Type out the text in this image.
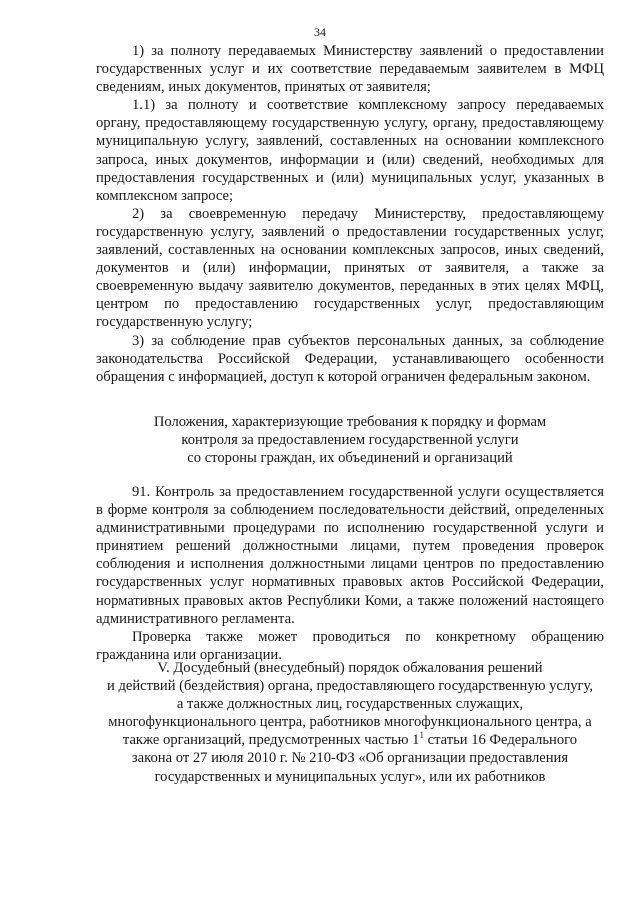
34

1) за полноту передаваемых Министерству заявлений о предоставлении государственных услуг и их соответствие передаваемым заявителем в МФЦ сведениям, иных документов, принятых от заявителя;

1.1) за полноту и соответствие комплексному запросу передаваемых органу, предоставляющему государственную услугу, органу, предоставляющему муниципальную услугу, заявлений, составленных на основании комплексного запроса, иных документов, информации и (или) сведений, необходимых для предоставления государственных и (или) муниципальных услуг, указанных в комплексном запросе;

2) за своевременную передачу Министерству, предоставляющему государственную услугу, заявлений о предоставлении государственных услуг, заявлений, составленных на основании комплексных запросов, иных сведений, документов и (или) информации, принятых от заявителя, а также за своевременную выдачу заявителю документов, переданных в этих целях МФЦ, центром по предоставлению государственных услуг, предоставляющим государственную услугу;

3) за соблюдение прав субъектов персональных данных, за соблюдение законодательства Российской Федерации, устанавливающего особенности обращения с информацией, доступ к которой ограничен федеральным законом.

Положения, характеризующие требования к порядку и формам

контроля за предоставлением государственной услуги

со стороны граждан, их объединений и организаций

91. Контроль за предоставлением государственной услуги осуществляется в форме контроля за соблюдением последовательности действий, определенных административными процедурами по исполнению государственной услуги и принятием решений должностными лицами, путем проведения проверок соблюдения и исполнения должностными лицами центров по предоставлению государственных услуг нормативных правовых актов Российской Федерации, нормативных правовых актов Республики Коми, а также положений настоящего административного регламента.

Проверка также может проводиться по конкретному обращению гражданина или организации.

V. Досудебный (внесудебный) порядок обжалования решений
и действий (бездействия) органа, предоставляющего государственную услугу,
а также должностных лиц, государственных служащих,
многофункционального центра, работников многофункционального центра, а
также организаций, предусмотренных частью $1^1$ статьи 16 Федерального
закона от 27 июля 2010 г. № 210-ФЗ «Об организации предоставления
государственных и муниципальных услуг», или их работников
